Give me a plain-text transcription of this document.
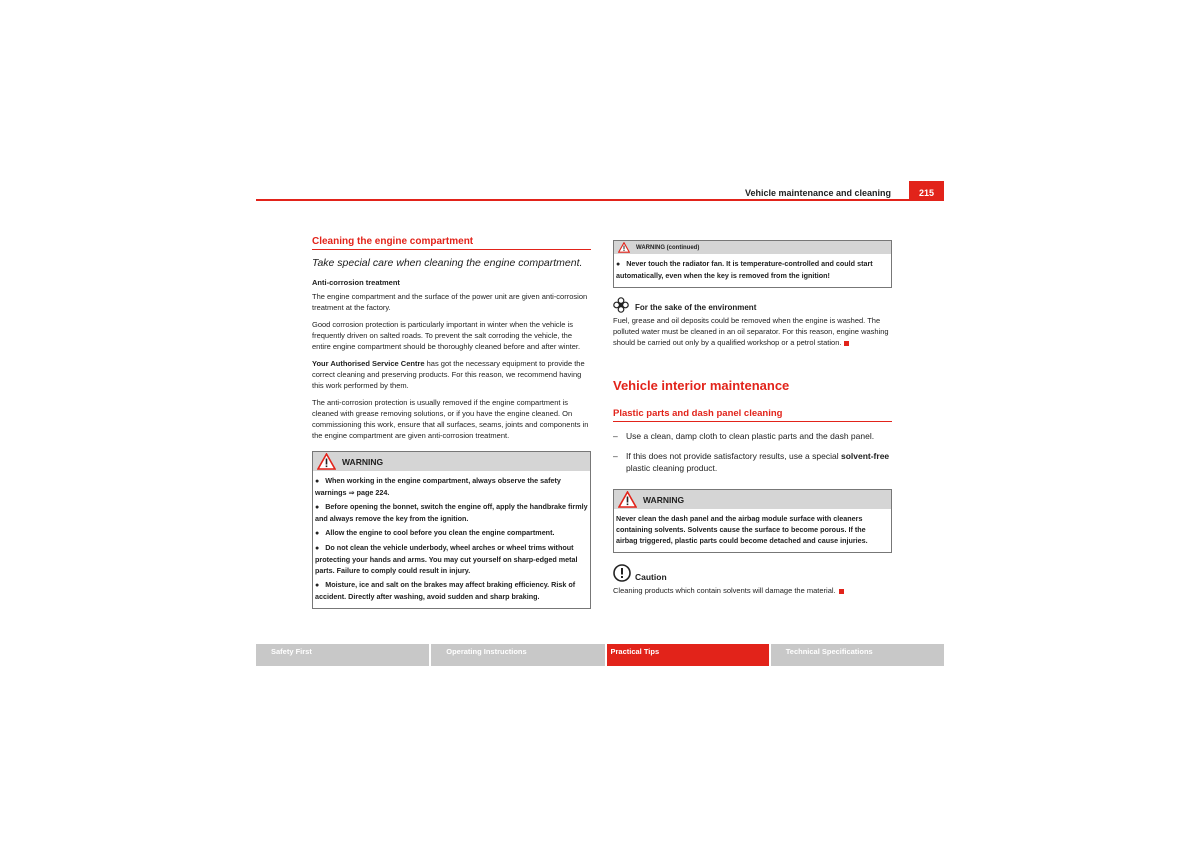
Vehicle maintenance and cleaning	215
Cleaning the engine compartment

Take special care when cleaning the engine compartment.

Anti-corrosion treatment

The engine compartment and the surface of the power unit are given anti-corrosion treatment at the factory.

Good corrosion protection is particularly important in winter when the vehicle is frequently driven on salted roads. To prevent the salt corroding the vehicle, the entire engine compartment should be thoroughly cleaned before and after winter.

Your Authorised Service Centre has got the necessary equipment to provide the correct cleaning and preserving products. For this reason, we recommend having this work performed by them.

The anti-corrosion protection is usually removed if the engine compartment is cleaned with grease removing solutions, or if you have the engine cleaned. On commissioning this work, ensure that all surfaces, seams, joints and components in the engine compartment are given anti-corrosion treatment.

WARNING

● When working in the engine compartment, always observe the safety warnings ⇒ page 224.

● Before opening the bonnet, switch the engine off, apply the handbrake firmly and always remove the key from the ignition.

● Allow the engine to cool before you clean the engine compartment.

● Do not clean the vehicle underbody, wheel arches or wheel trims without protecting your hands and arms. You may cut yourself on sharp-edged metal parts. Failure to comply could result in injury.

● Moisture, ice and salt on the brakes may affect braking efficiency. Risk of accident. Directly after washing, avoid sudden and sharp braking.

WARNING (continued)

● Never touch the radiator fan. It is temperature-controlled and could start automatically, even when the key is removed from the ignition!

For the sake of the environment

Fuel, grease and oil deposits could be removed when the engine is washed. The polluted water must be cleaned in an oil separator. For this reason, engine washing should be carried out only by a qualified workshop or a petrol station.

Vehicle interior maintenance
Plastic parts and dash panel cleaning
– Use a clean, damp cloth to clean plastic parts and the dash panel.
– If this does not provide satisfactory results, use a special solvent-free plastic cleaning product.
WARNING

Never clean the dash panel and the airbag module surface with cleaners containing solvents. Solvents cause the surface to become porous. If the airbag triggered, plastic parts could become detached and cause injuries.

Caution

Cleaning products which contain solvents will damage the material.

Safety First	Operating Instructions	Practical Tips	Technical Specifications
